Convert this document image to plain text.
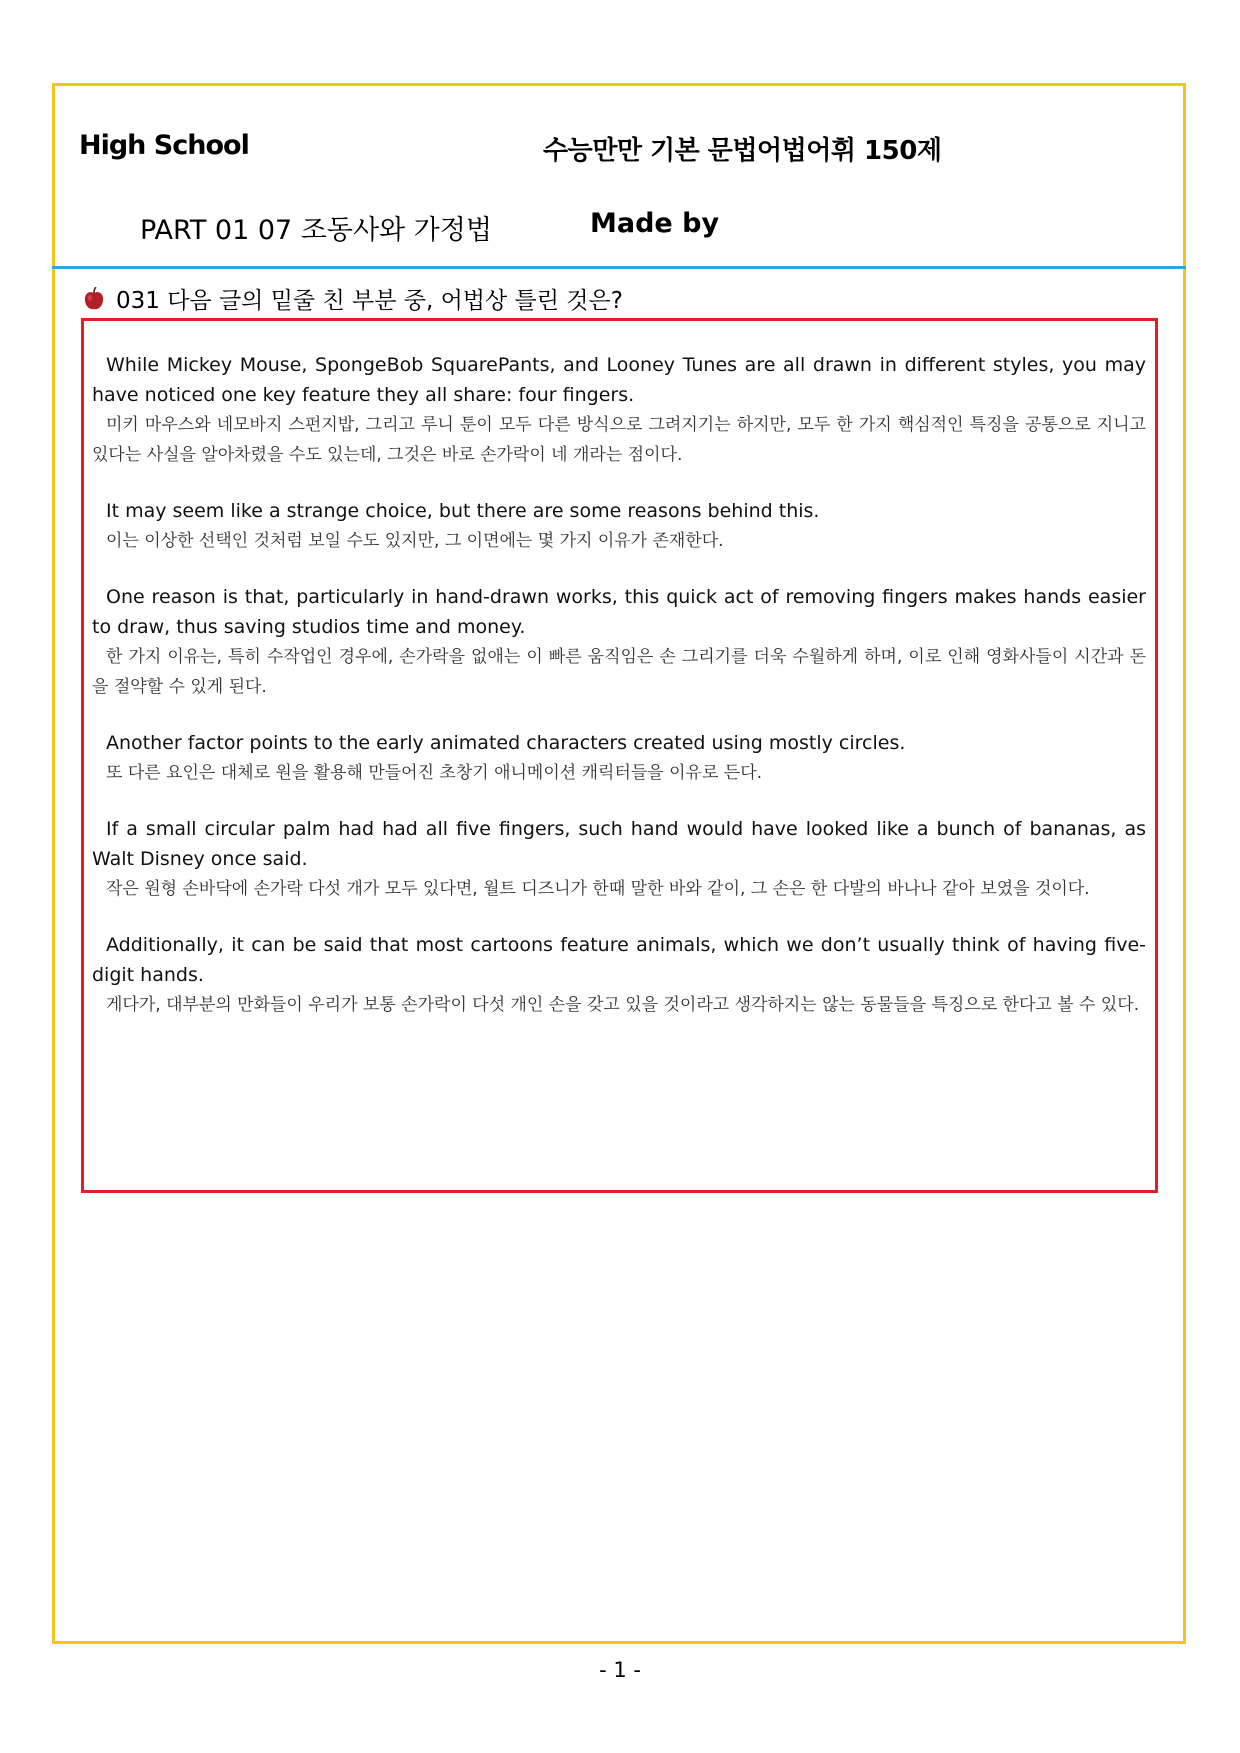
High School	수능만만 기본 문법어법어휘 150제
PART 01 07 조동사와 가정법	Made by
031 다음 글의 밑줄 친 부분 중, 어법상 틀린 것은?

While Mickey Mouse, SpongeBob SquarePants, and Looney Tunes are all drawn in different styles, you may have noticed one key feature they all share: four fingers.

미키 마우스와 네모바지 스펀지밥, 그리고 루니 툰이 모두 다른 방식으로 그려지기는 하지만, 모두 한 가지 핵심적인 특징을 공통으로 지니고 있다는 사실을 알아차렸을 수도 있는데, 그것은 바로 손가락이 네 개라는 점이다.

It may seem like a strange choice, but there are some reasons behind this.

이는 이상한 선택인 것처럼 보일 수도 있지만, 그 이면에는 몇 가지 이유가 존재한다.

One reason is that, particularly in hand-drawn works, this quick act of removing fingers makes hands easier to draw, thus saving studios time and money.

한 가지 이유는, 특히 수작업인 경우에, 손가락을 없애는 이 빠른 움직임은 손 그리기를 더욱 수월하게 하며, 이로 인해 영화사들이 시간과 돈을 절약할 수 있게 된다.

Another factor points to the early animated characters created using mostly circles.

또 다른 요인은 대체로 원을 활용해 만들어진 초창기 애니메이션 캐릭터들을 이유로 든다.

If a small circular palm had had all five fingers, such hand would have looked like a bunch of bananas, as Walt Disney once said.

작은 원형 손바닥에 손가락 다섯 개가 모두 있다면, 월트 디즈니가 한때 말한 바와 같이, 그 손은 한 다발의 바나나 같아 보였을 것이다.

Additionally, it can be said that most cartoons feature animals, which we don’t usually think of having five-digit hands.

게다가, 대부분의 만화들이 우리가 보통 손가락이 다섯 개인 손을 갖고 있을 것이라고 생각하지는 않는 동물들을 특징으로 한다고 볼 수 있다.

- 1 -
